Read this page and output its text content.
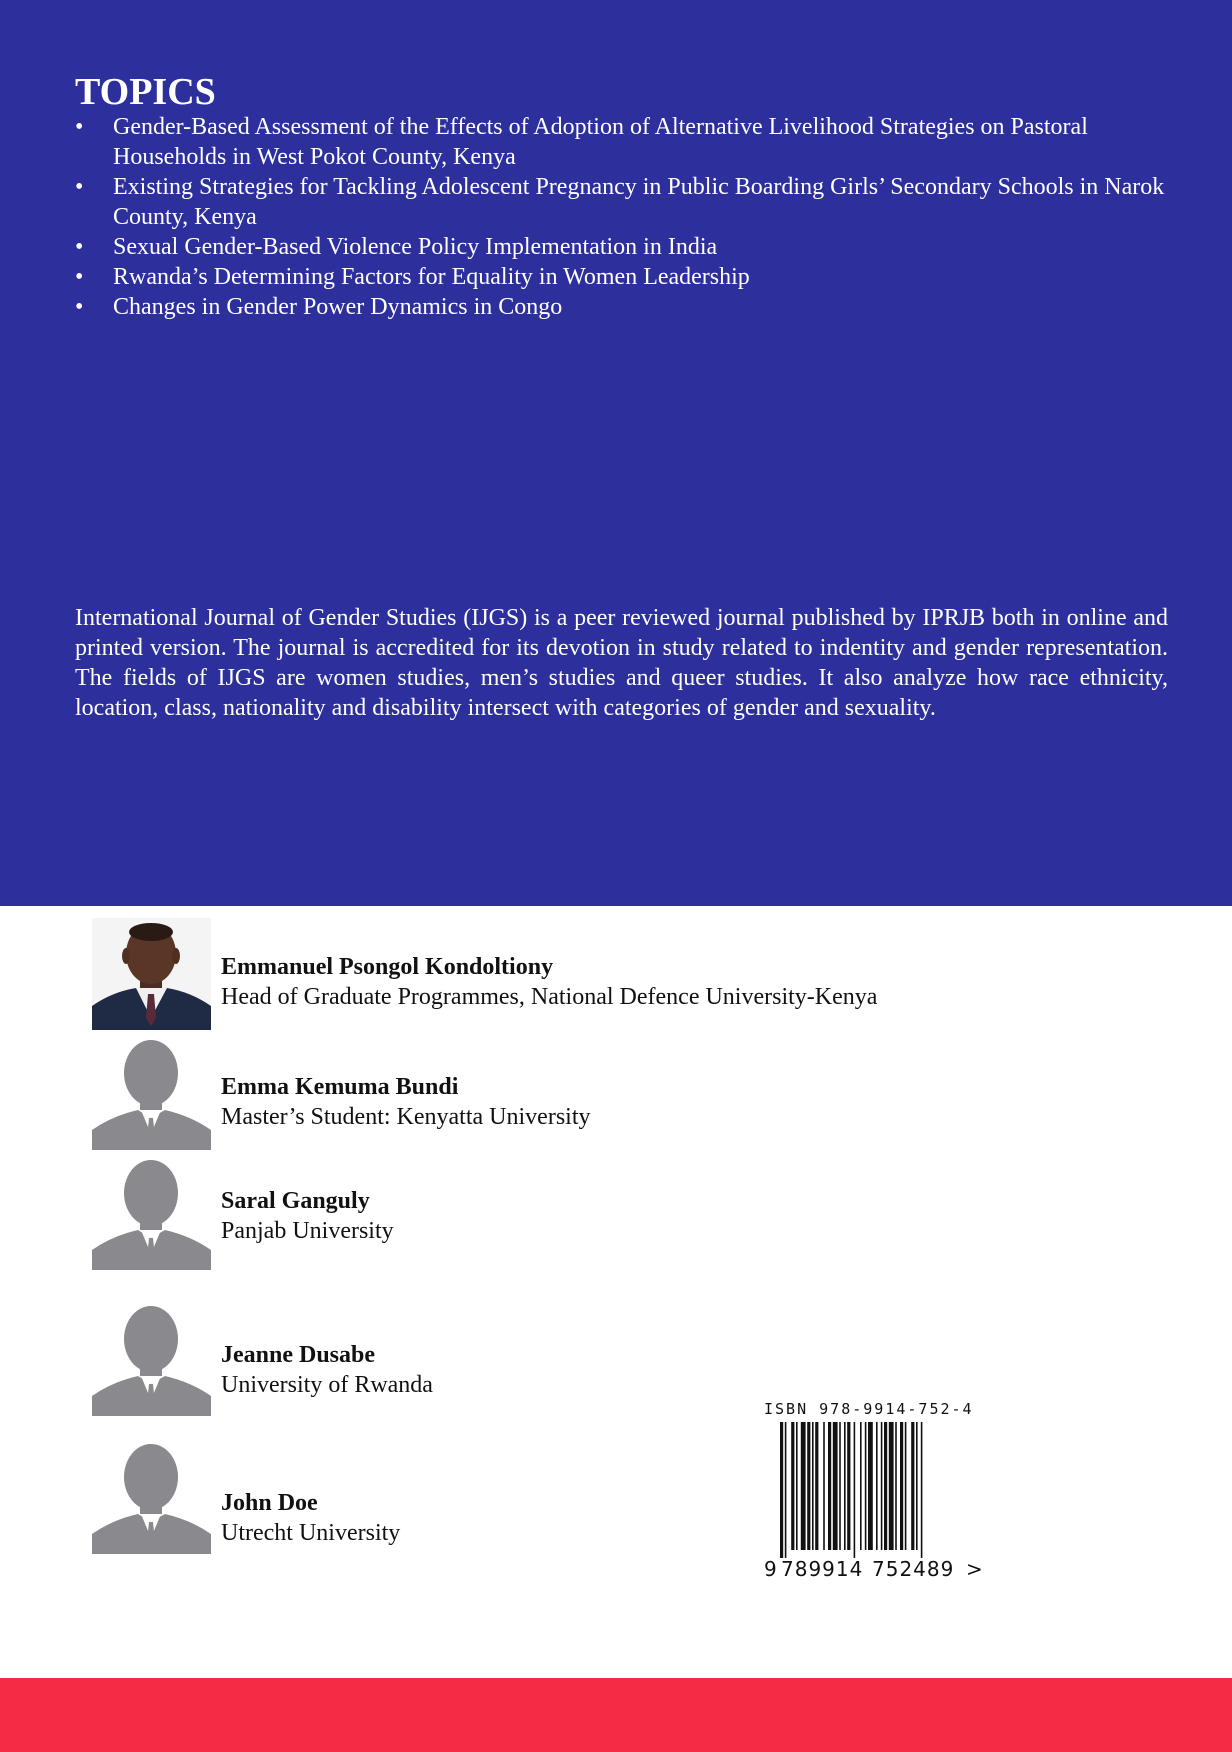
TOPICS
• Gender-Based Assessment of the Effects of Adoption of Alternative Livelihood Strategies on Pastoral Households in West Pokot County, Kenya
• Existing Strategies for Tackling Adolescent Pregnancy in Public Boarding Girls’ Secondary Schools in Narok County, Kenya
• Sexual Gender-Based Violence Policy Implementation in India
• Rwanda’s Determining Factors for Equality in Women Leadership
• Changes in Gender Power Dynamics in Congo

International Journal of Gender Studies (IJGS) is a peer reviewed journal published by IPRJB both in online and printed version. The journal is accredited for its devotion in study related to indentity and gender representation. The fields of IJGS are women studies, men’s studies and queer studies. It also analyze how race ethnicity, location, class, nationality and disability intersect with categories of gender and sexuality.

Emmanuel Psongol Kondoltiony
Head of Graduate Programmes, National Defence University-Kenya
Emma Kemuma Bundi
Master’s Student: Kenyatta University
Saral Ganguly
Panjab University
Jeanne Dusabe
University of Rwanda
John Doe
Utrecht University

ISBN 978-9914-752-4

9 789914 752489 >
